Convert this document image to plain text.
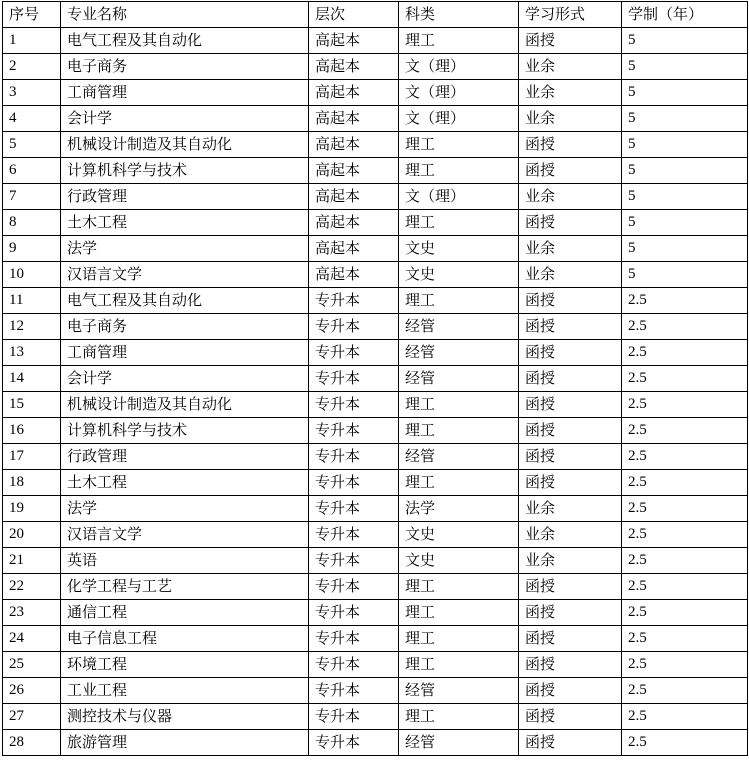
序号	专业名称	层次	科类	学习形式	学制（年）
1	电气工程及其自动化	高起本	理工	函授	5
2	电子商务	高起本	文（理）	业余	5
3	工商管理	高起本	文（理）	业余	5
4	会计学	高起本	文（理）	业余	5
5	机械设计制造及其自动化	高起本	理工	函授	5
6	计算机科学与技术	高起本	理工	函授	5
7	行政管理	高起本	文（理）	业余	5
8	土木工程	高起本	理工	函授	5
9	法学	高起本	文史	业余	5
10	汉语言文学	高起本	文史	业余	5
11	电气工程及其自动化	专升本	理工	函授	2.5
12	电子商务	专升本	经管	函授	2.5
13	工商管理	专升本	经管	函授	2.5
14	会计学	专升本	经管	函授	2.5
15	机械设计制造及其自动化	专升本	理工	函授	2.5
16	计算机科学与技术	专升本	理工	函授	2.5
17	行政管理	专升本	经管	函授	2.5
18	土木工程	专升本	理工	函授	2.5
19	法学	专升本	法学	业余	2.5
20	汉语言文学	专升本	文史	业余	2.5
21	英语	专升本	文史	业余	2.5
22	化学工程与工艺	专升本	理工	函授	2.5
23	通信工程	专升本	理工	函授	2.5
24	电子信息工程	专升本	理工	函授	2.5
25	环境工程	专升本	理工	函授	2.5
26	工业工程	专升本	经管	函授	2.5
27	测控技术与仪器	专升本	理工	函授	2.5
28	旅游管理	专升本	经管	函授	2.5
